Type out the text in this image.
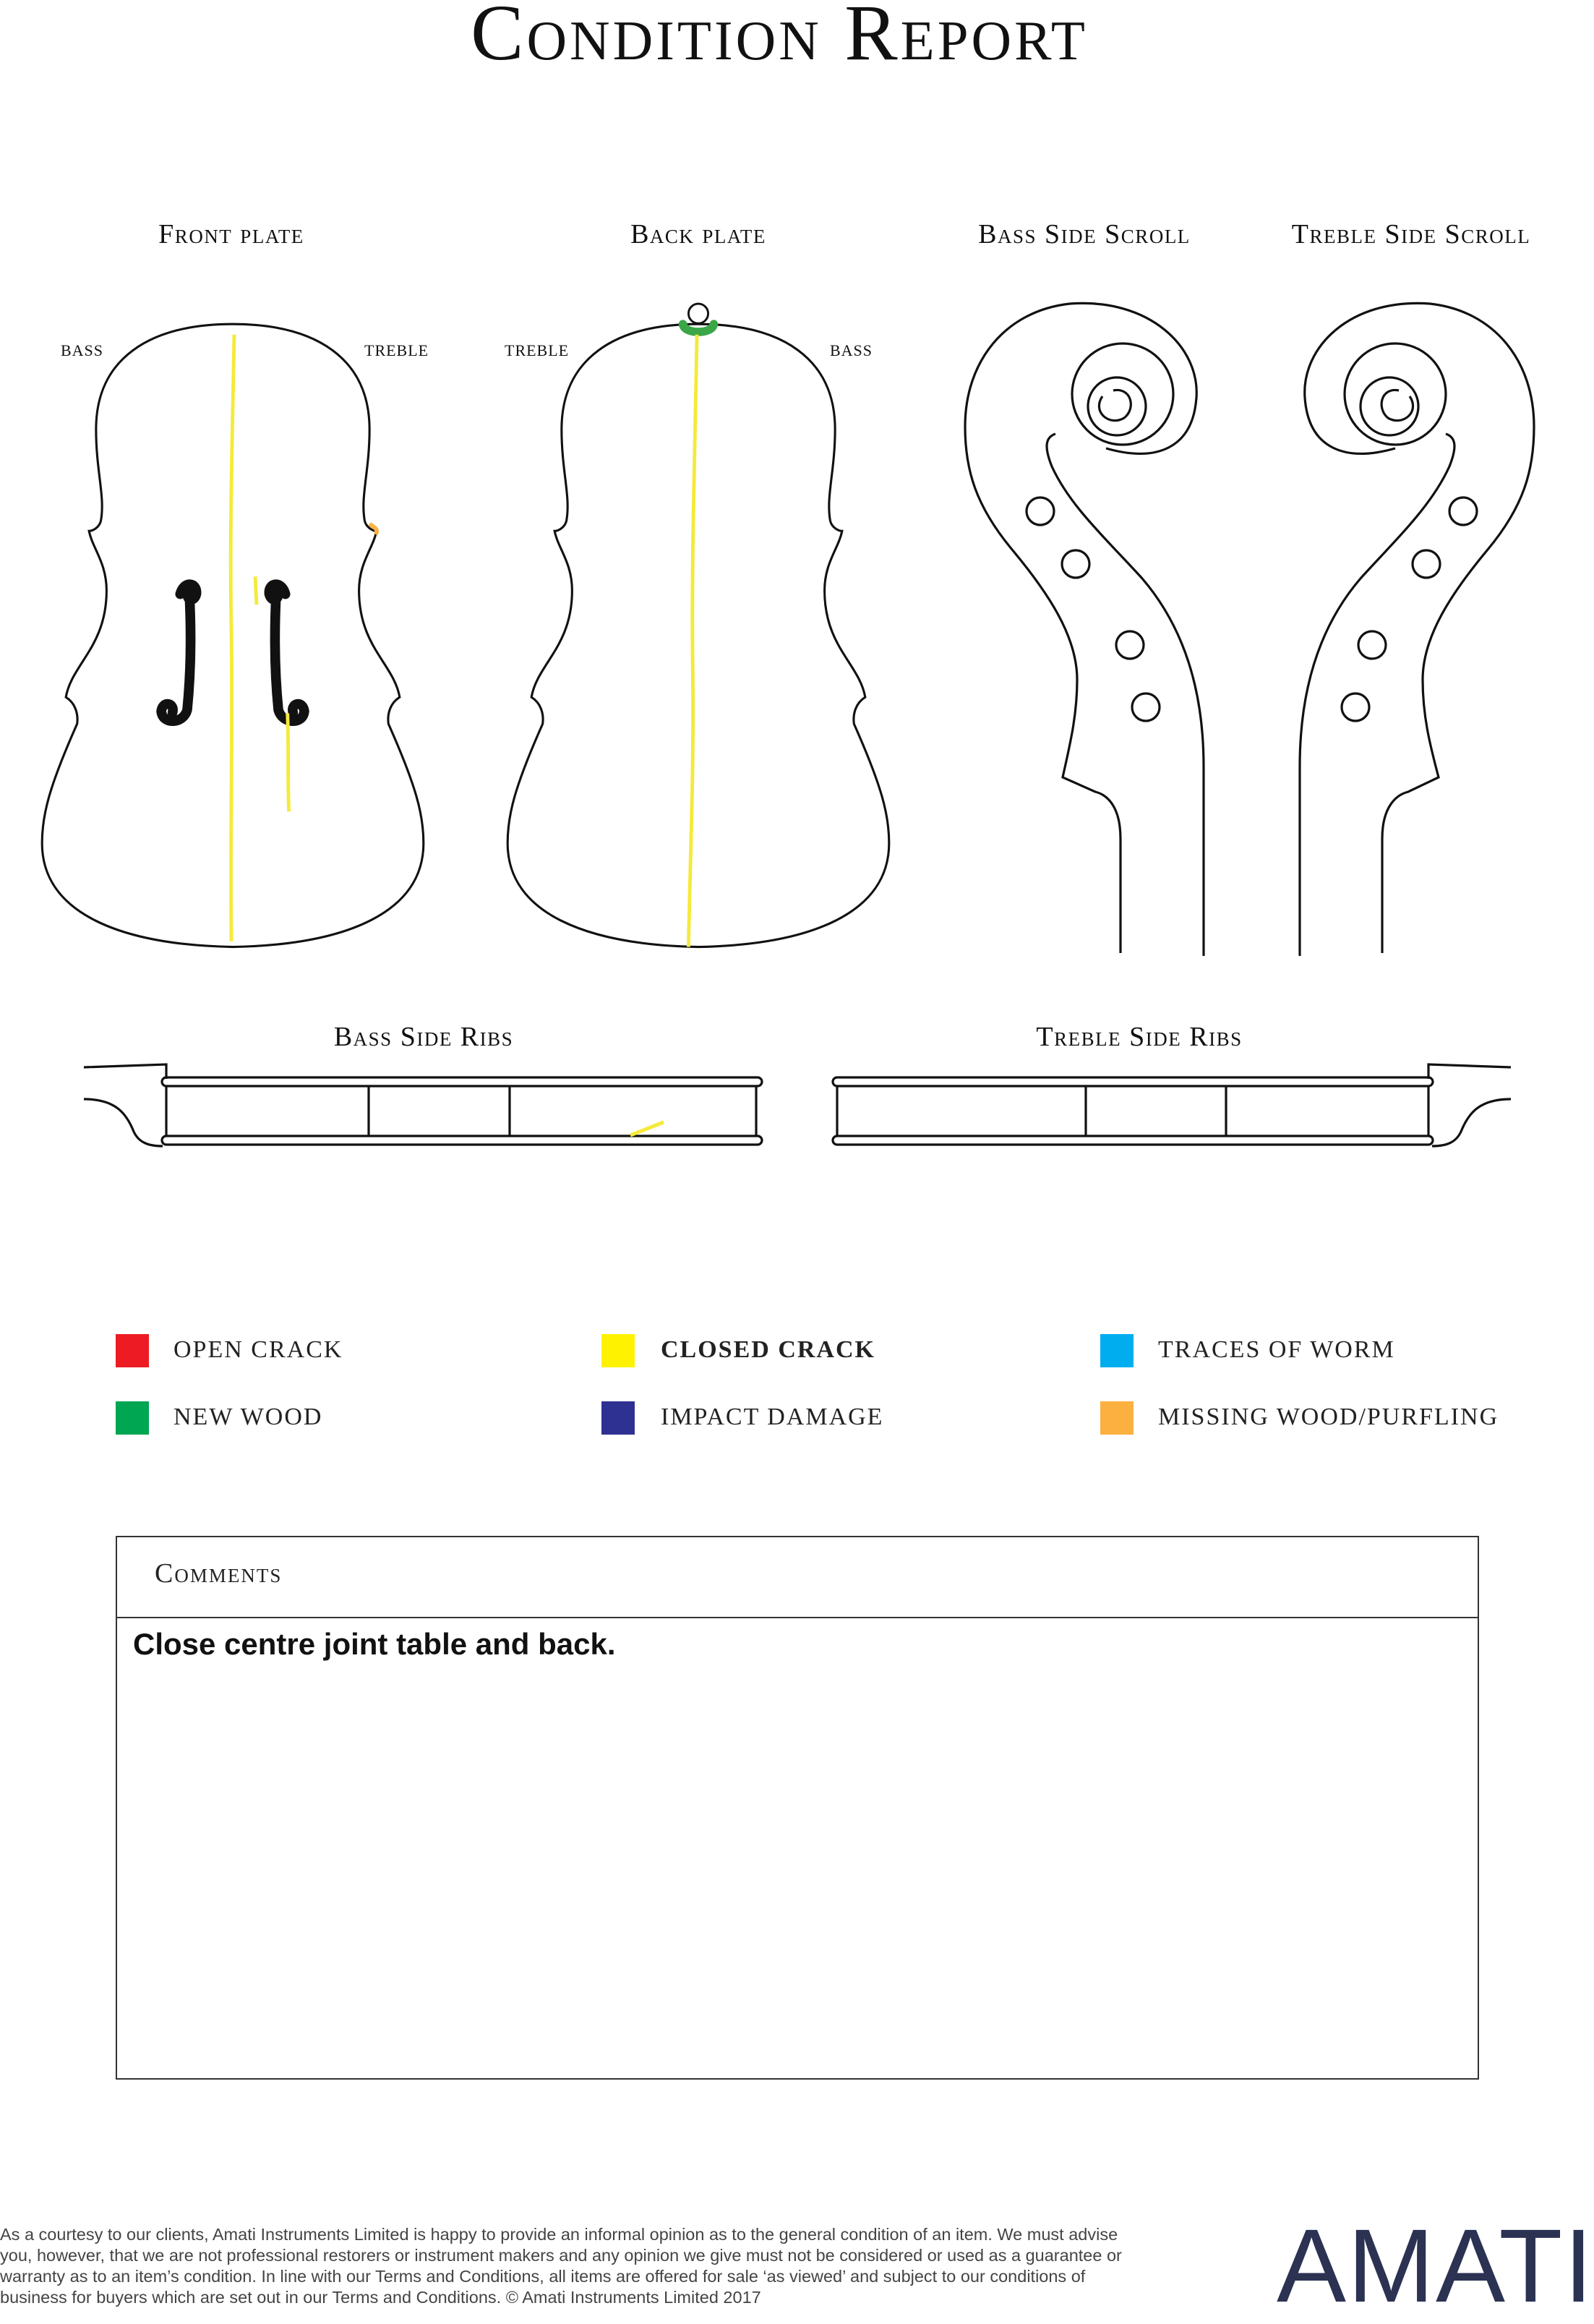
Condition Report
Front plate	Back plate	Bass Side Scroll	Treble Side Scroll
Bass Side Ribs	Treble Side Ribs
BASS	TREBLE	TREBLE	BASS
OPEN CRACK	CLOSED CRACK	TRACES OF WORM
NEW WOOD	IMPACT DAMAGE	MISSING WOOD/PURFLING
Comments
Close centre joint table and back.
As a courtesy to our clients, Amati Instruments Limited is happy to provide an informal opinion as to the general condition of an item. We must advise you, however, that we are not professional restorers or instrument makers and any opinion we give must not be considered or used as a guarantee or warranty as to an item’s condition. In line with our Terms and Conditions, all items are offered for sale ‘as viewed’ and subject to our conditions of business for buyers which are set out in our Terms and Conditions. © Amati Instruments Limited 2017	AMATI
